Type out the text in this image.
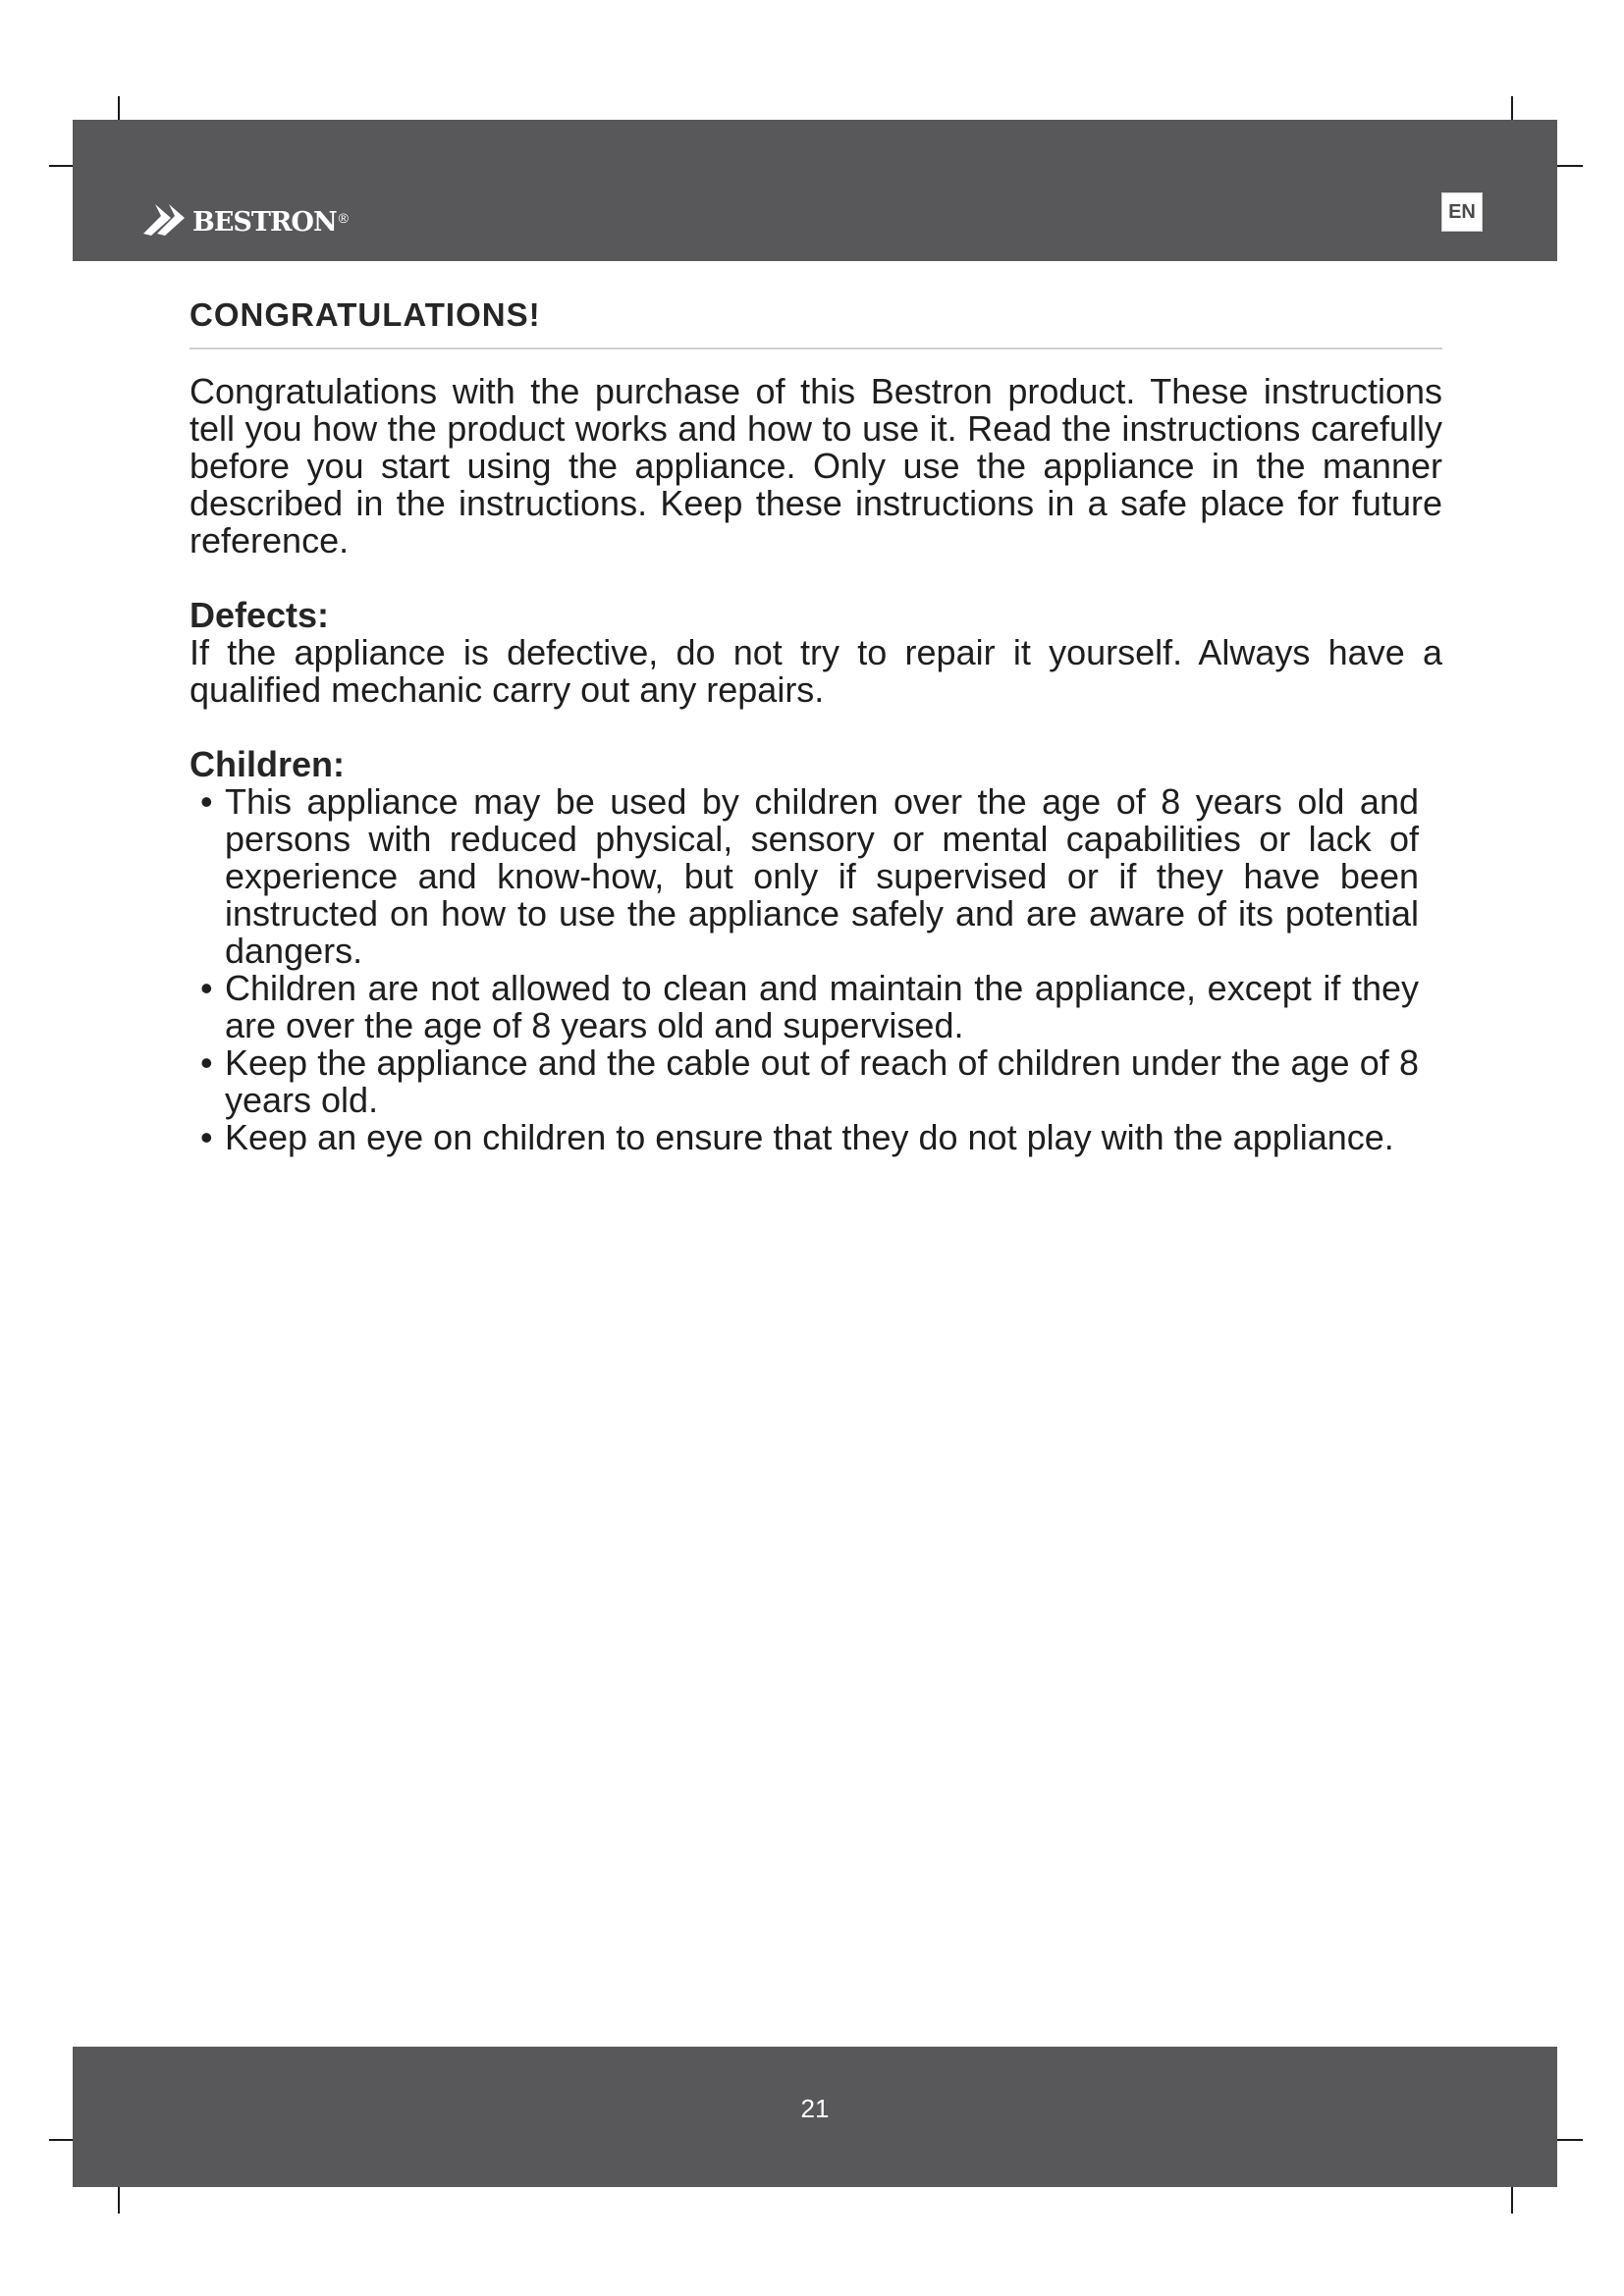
bestron ®	EN
CONGRATULATIONS!

Congratulations with the purchase of this Bestron product. These instructions tell you how the product works and how to use it. Read the instructions carefully before you start using the appliance. Only use the appliance in the manner described in the instructions. Keep these instructions in a safe place for future reference.

Defects:

If the appliance is defective, do not try to repair it yourself. Always have a qualified mechanic carry out any repairs.

Children:
• This appliance may be used by children over the age of 8 years old and persons with reduced physical, sensory or mental capabilities or lack of experience and know-how, but only if supervised or if they have been instructed on how to use the appliance safely and are aware of its potential dangers.
• Children are not allowed to clean and maintain the appliance, except if they are over the age of 8 years old and supervised.
• Keep the appliance and the cable out of reach of children under the age of 8 years old.
• Keep an eye on children to ensure that they do not play with the appliance.
21
